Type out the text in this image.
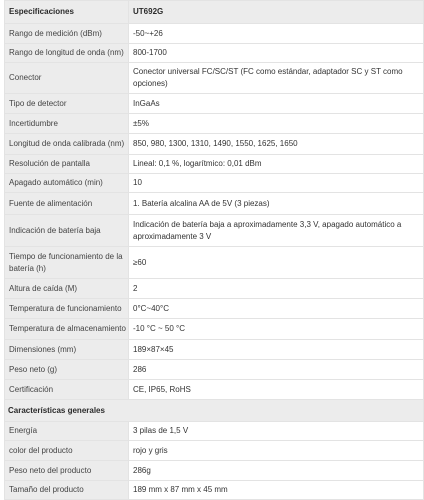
Especificaciones	UT692G
Rango de medición (dBm)	-50~+26
Rango de longitud de onda (nm)	800-1700
Conector	Conector universal FC/SC/ST (FC como estándar, adaptador SC y ST como opciones)
Tipo de detector	InGaAs
Incertidumbre	±5%
Longitud de onda calibrada (nm)	850, 980, 1300, 1310, 1490, 1550, 1625, 1650
Resolución de pantalla	Lineal: 0,1 %, logarítmico: 0,01 dBm
Apagado automático (min)	10
Fuente de alimentación	1. Batería alcalina AA de 5V (3 piezas)
Indicación de batería baja	Indicación de batería baja a aproximadamente 3,3 V, apagado automático a aproximadamente 3 V
Tiempo de funcionamiento de la batería (h)	≥60
Altura de caída (M)	2
Temperatura de funcionamiento	0°C~40°C
Temperatura de almacenamiento	-10 °C ~ 50 °C
Dimensiones (mm)	189×87×45
Peso neto (g)	286
Certificación	CE, IP65, RoHS
Características generales	
Energía	3 pilas de 1,5 V
color del producto	rojo y gris
Peso neto del producto	286g
Tamaño del producto	189 mm x 87 mm x 45 mm
